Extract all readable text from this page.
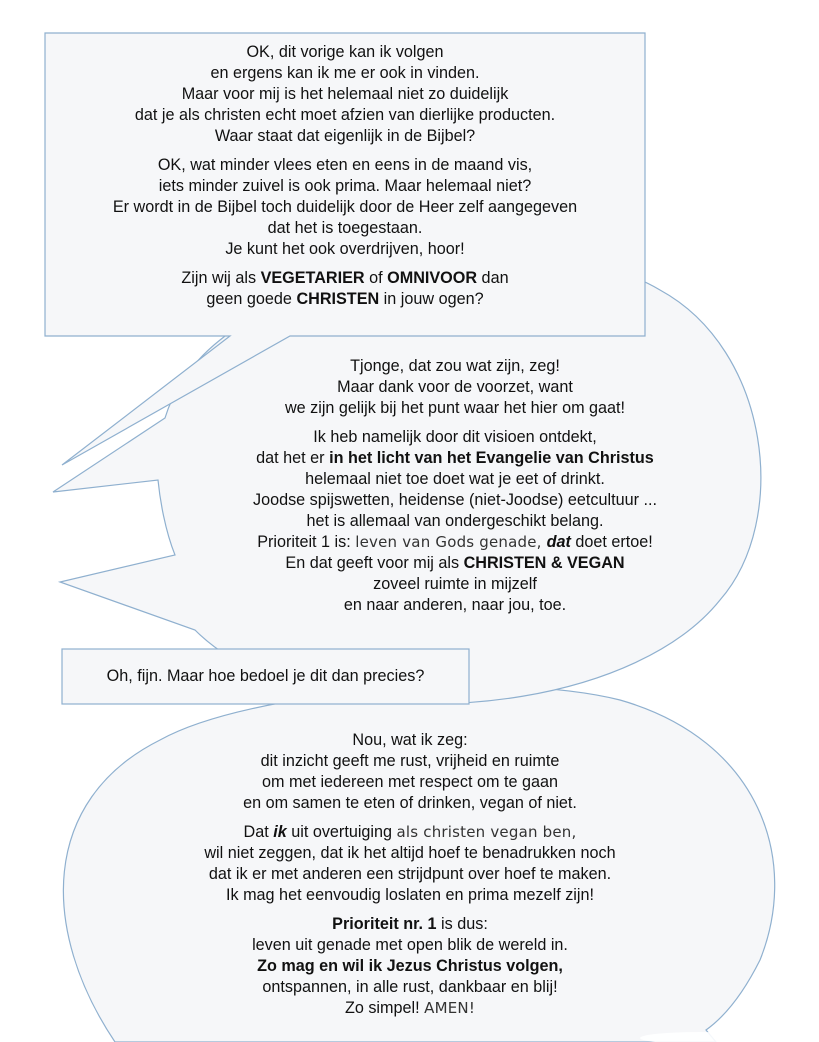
OK, dit vorige kan ik volgen
en ergens kan ik me er ook in vinden.
Maar voor mij is het helemaal niet zo duidelijk
dat je als christen echt moet afzien van dierlijke producten.
Waar staat dat eigenlijk in de Bijbel?

OK, wat minder vlees eten en eens in de maand vis,
iets minder zuivel is ook prima. Maar helemaal niet?
Er wordt in de Bijbel toch duidelijk door de Heer zelf aangegeven
dat het is toegestaan.
Je kunt het ook overdrijven, hoor!

Zijn wij als VEGETARIER of OMNIVOOR dan
geen goede CHRISTEN in jouw ogen?

Tjonge, dat zou wat zijn, zeg!
Maar dank voor de voorzet, want
we zijn gelijk bij het punt waar het hier om gaat!

Ik heb namelijk door dit visioen ontdekt,
dat het er in het licht van het Evangelie van Christus
helemaal niet toe doet wat je eet of drinkt.
Joodse spijswetten, heidense (niet-Joodse) eetcultuur ...
het is allemaal van ondergeschikt belang.
Prioriteit 1 is: leven van Gods genade, dat doet ertoe!
En dat geeft voor mij als CHRISTEN & VEGAN
zoveel ruimte in mijzelf
en naar anderen, naar jou, toe.

Oh, fijn. Maar hoe bedoel je dit dan precies?

Nou, wat ik zeg:
dit inzicht geeft me rust, vrijheid en ruimte
om met iedereen met respect om te gaan
en om samen te eten of drinken, vegan of niet.

Dat ik uit overtuiging als christen vegan ben,
wil niet zeggen, dat ik het altijd hoef te benadrukken noch
dat ik er met anderen een strijdpunt over hoef te maken.
Ik mag het eenvoudig loslaten en prima mezelf zijn!

Prioriteit nr. 1 is dus:
leven uit genade met open blik de wereld in.
Zo mag en wil ik Jezus Christus volgen,
ontspannen, in alle rust, dankbaar en blij!
Zo simpel! AMEN!
